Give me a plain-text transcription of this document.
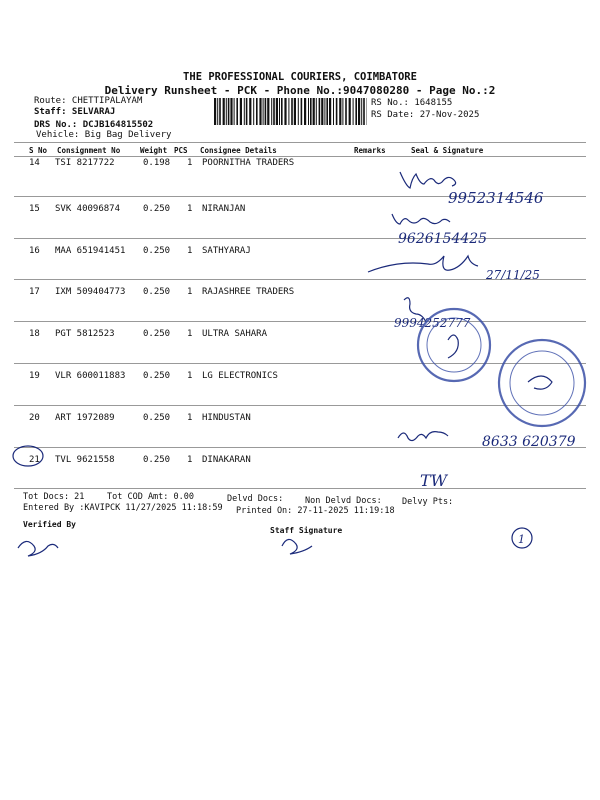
THE PROFESSIONAL COURIERS, COIMBATORE
Delivery Runsheet - PCK - Phone No.:9047080280 - Page No.:2
Route: CHETTIPALAYAM
Staff: SELVARAJ
DRS No.: DCJB164815502
Vehicle: Big Bag Delivery
RS No.: 1648155
RS Date: 27-Nov-2025
S No Consignment No	Weight PCS Consignee Details	Remarks	Seal & Signature
14 TSI 8217722	0.198 1 POORNITHA TRADERS
15 SVK 40096874	0.250 1 NIRANJAN
16 MAA 651941451 0.250 1 SATHYARAJ
17 IXM 509404773 0.250 1 RAJASHREE TRADERS
18 PGT 5812523	0.250 1 ULTRA SAHARA
19 VLR 600011883 0.250 1 LG ELECTRONICS
20 ART 1972089	0.250 1 HINDUSTAN
21 TVL 9621558	0.250 1 DINAKARAN
Tot Docs: 21	Tot COD Amt: 0.00	Delvd Docs:	Non Delvd Docs: Delvy Pts:
Entered By :KAVIPCK 11/27/2025 11:18:59 Printed On: 27-11-2025 11:19:18
Verified By
Staff Signature
9952314546
9626154425
27/11/25
9994252777
8633 620379
TW
1
